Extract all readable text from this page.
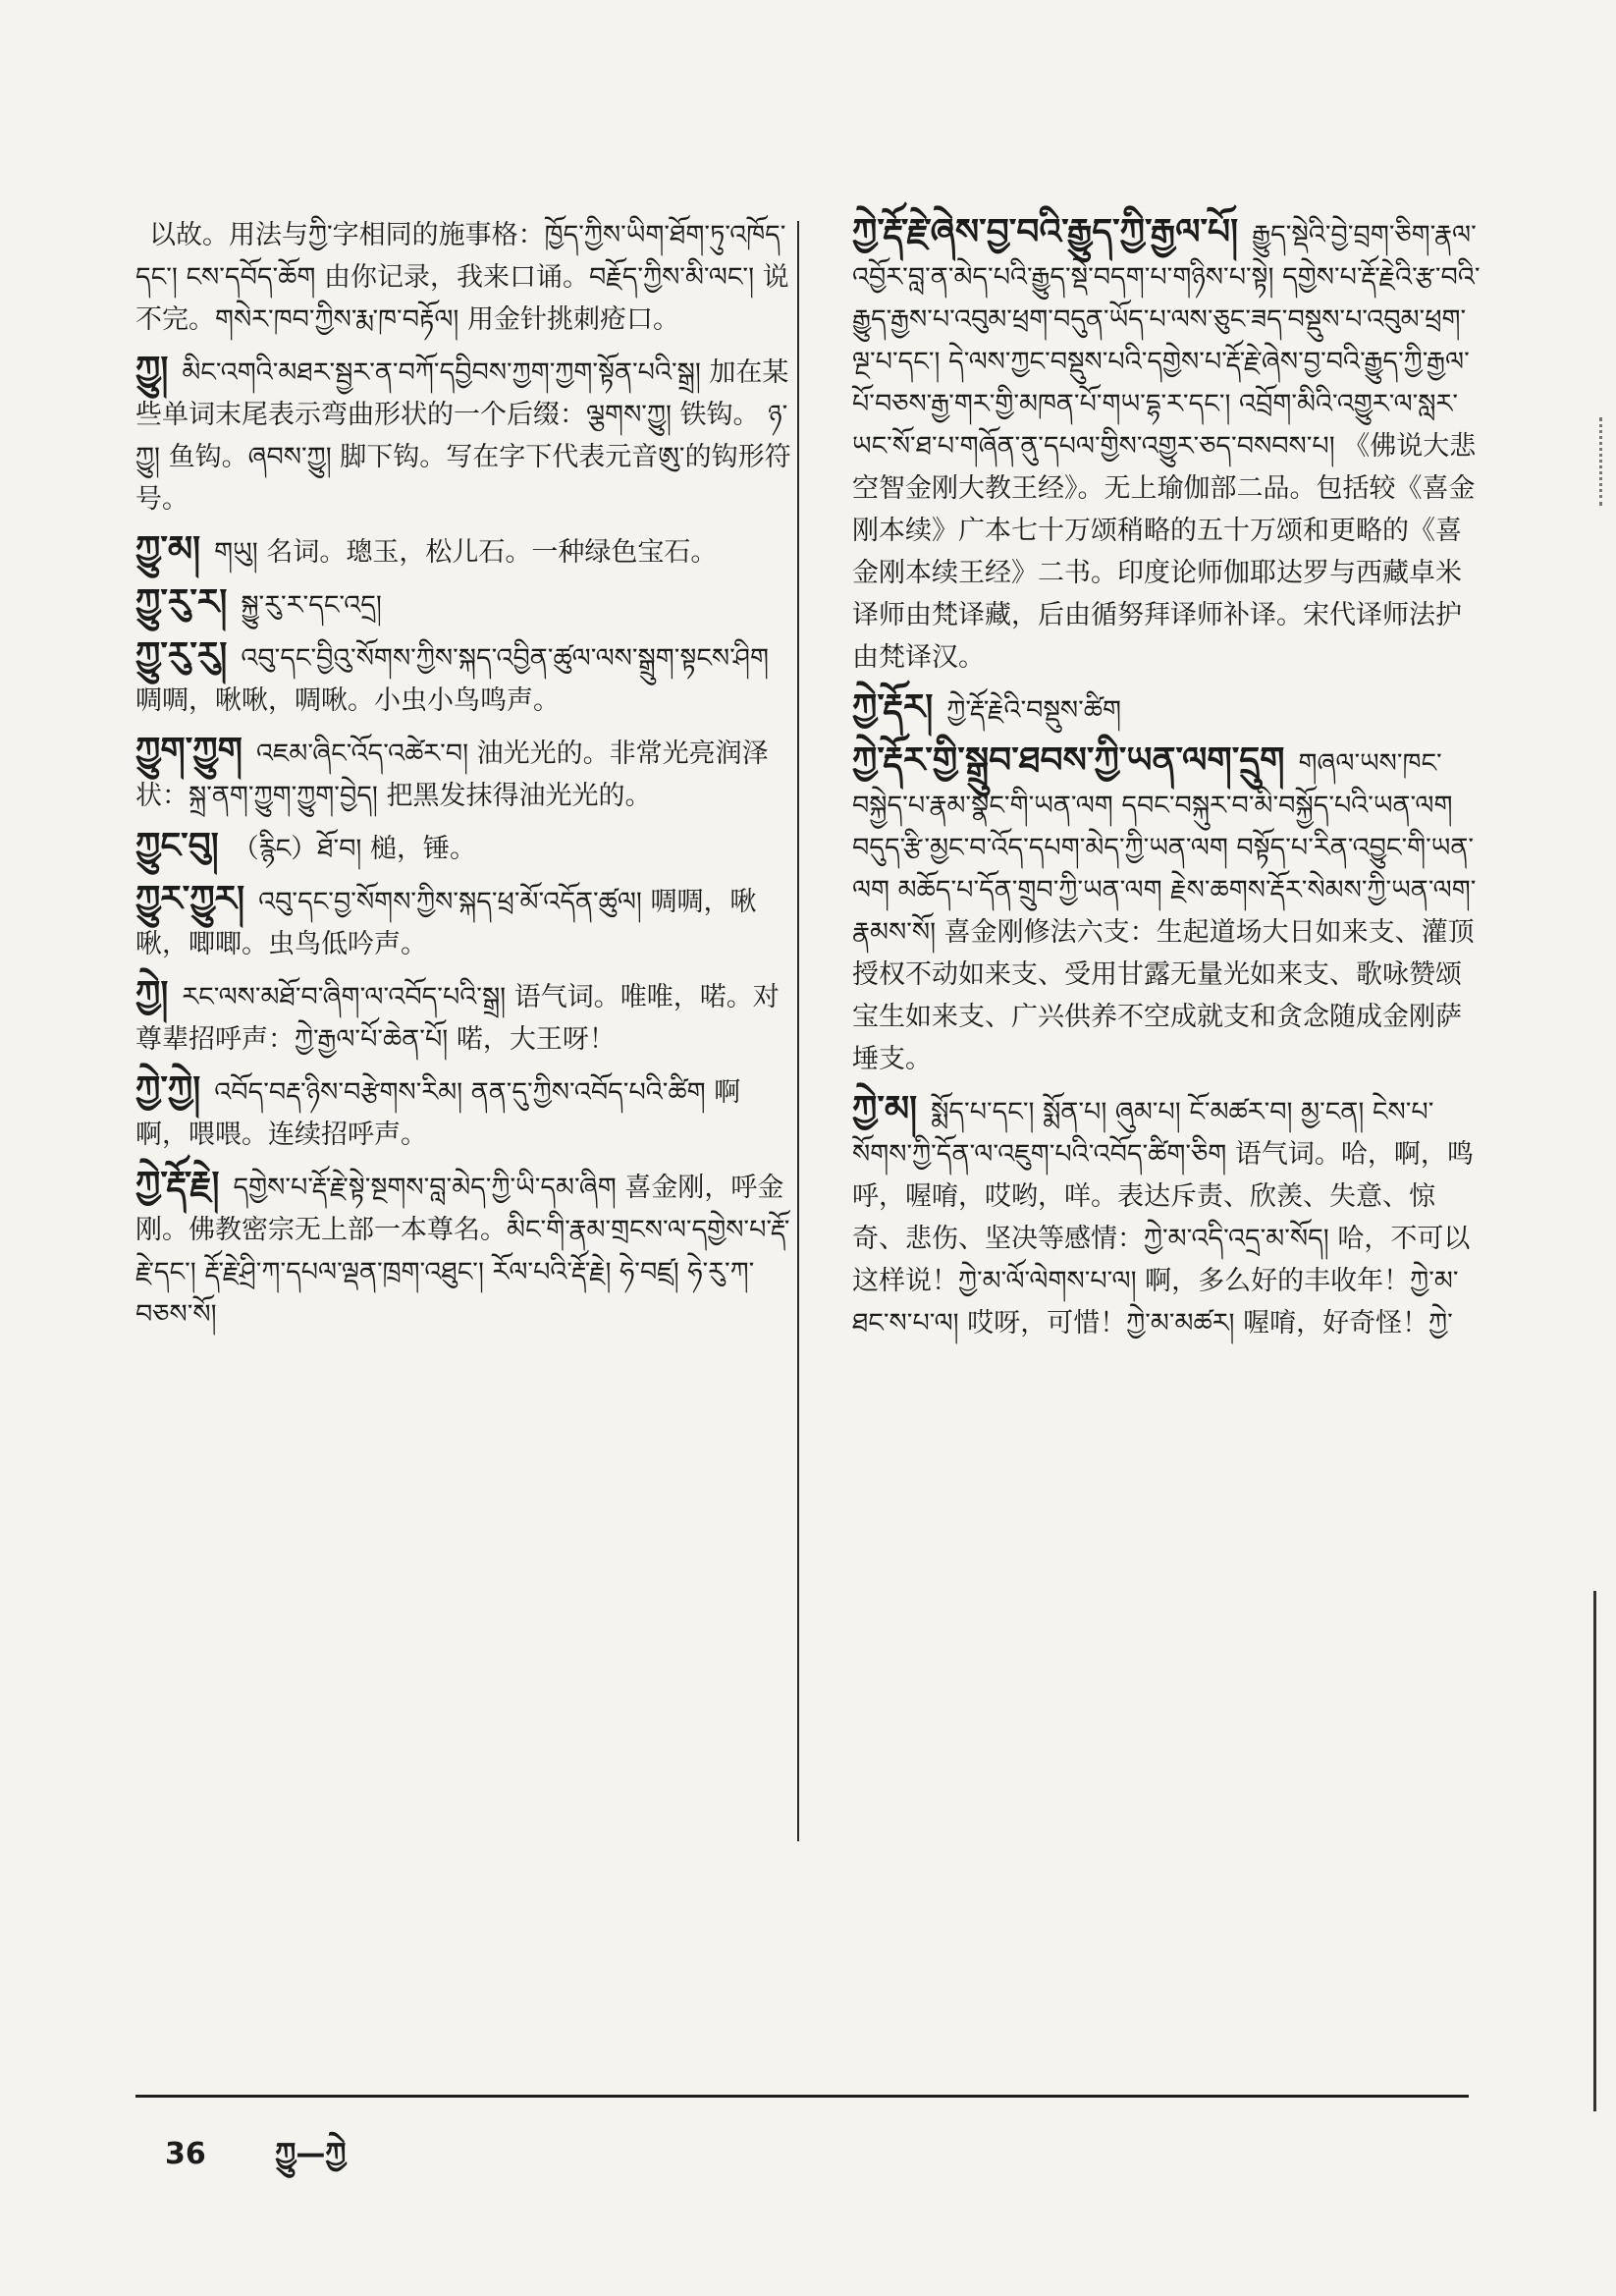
以故。用法与ཀྱི་字相同的施事格：ཁྱོད་ཀྱིས་ཡིག་ཐོག་ཏུ་འཁོད་དང་། ངས་དབོད་ཆོག 由你记录，我来口诵。བརྗོད་ཀྱིས་མི་ལང་། 说不完。གསེར་ཁབ་ཀྱིས་རྨ་ཁ་བརྟོལ། 用金针挑刺疮口。

ཀྱུ། མིང་འགའི་མཐར་སྦྱར་ན་བཀོ་དབྱིབས་ཀྱག་ཀྱག་སྟོན་པའི་སྒྲ། 加在某些单词末尾表示弯曲形状的一个后缀：ལྕགས་ཀྱུ། 铁钩。 ཉ་ཀྱུ། 鱼钩。ཞབས་ཀྱུ། 脚下钩。写在字下代表元音ཨུ་的钩形符号。

ཀྱུ་མ། གཡུ། 名词。璁玉，松儿石。一种绿色宝石。

ཀྱུ་རུ་ར། སྐྱུ་རུ་ར་དང་འདྲ།

ཀྱུ་རུ་རུ། འབུ་དང་བྱིའུ་སོགས་ཀྱིས་སྐད་འབྱིན་ཚུལ་ལས་སྒྲུག་སྟངས་ཤིག 啁啁，啾啾，啁啾。小虫小鸟鸣声。

ཀྱུག་ཀྱུག འཇམ་ཞིང་འོད་འཚེར་བ། 油光光的。非常光亮润泽状：སྐྲ་ནག་ཀྱུག་ཀྱུག་བྱེད། 把黑发抹得油光光的。

ཀྱུང་བུ། （རྙིང）ཐོ་བ། 槌，锤。

ཀྱུར་ཀྱུར། འབུ་དང་བྱ་སོགས་ཀྱིས་སྐད་ཕྲ་མོ་འདོན་ཚུལ། 啁啁，啾啾，唧唧。虫鸟低吟声。

ཀྱེ། རང་ལས་མཐོ་བ་ཞིག་ལ་འབོད་པའི་སྒྲ། 语气词。唯唯，喏。对尊辈招呼声：ཀྱེ་རྒྱལ་པོ་ཆེན་པོ། 喏，大王呀！

ཀྱེ་ཀྱེ། འབོད་བརྡ་ཉིས་བརྩེགས་རིམ། ནན་དུ་ཀྱིས་འབོད་པའི་ཚིག 啊啊，喂喂。连续招呼声。

ཀྱེ་རྡོ་རྗེ། དགྱེས་པ་རྡོ་རྗེ་སྟེ་སྔགས་བླ་མེད་ཀྱི་ཡི་དམ་ཞིག 喜金刚，呼金刚。佛教密宗无上部一本尊名。མིང་གི་རྣམ་གྲངས་ལ་དགྱེས་པ་རྡོ་རྗེ་དང་། རྡོ་རྗེ་ཤྲི་ཀ་དཔལ་ལྡན་ཁྲག་འཐུང་། རོལ་པའི་རྡོ་རྗེ། ཧེ་བཛྲ། ཧེ་རུ་ཀ་བཅས་སོ།

ཀྱེ་རྡོ་རྗེ་ཞེས་བྱ་བའི་རྒྱུད་ཀྱི་རྒྱལ་པོ། རྒྱུད་སྡེའི་བྱེ་བྲག་ཅིག་རྣལ་འབྱོར་བླ་ན་མེད་པའི་རྒྱུད་སྡེ་བདག་པ་གཉིས་པ་སྟེ། དགྱེས་པ་རྡོ་རྗེའི་རྩ་བའི་རྒྱུད་རྒྱས་པ་འབུམ་ཕྲག་བདུན་ཡོད་པ་ལས་ཅུང་ཟད་བསྡུས་པ་འབུམ་ཕྲག་ལྔ་པ་དང་། དེ་ལས་ཀྱང་བསྡུས་པའི་དགྱེས་པ་རྡོ་རྗེ་ཞེས་བྱ་བའི་རྒྱུད་ཀྱི་རྒྱལ་པོ་བཅས་རྒྱ་གར་གྱི་མཁན་པོ་གཡ་དྷ་ར་དང་། འབྲོག་མིའི་འགྱུར་ལ་སླར་ཡང་སོ་ཐ་པ་གཞོན་ནུ་དཔལ་གྱིས་འགྱུར་ཅད་བསབས་པ། 《佛说大悲空智金刚大教王经》。无上瑜伽部二品。包括较《喜金刚本续》广本七十万颂稍略的五十万颂和更略的《喜金刚本续王经》二书。印度论师伽耶达罗与西藏卓米译师由梵译藏，后由循努拜译师补译。宋代译师法护由梵译汉。

ཀྱེ་རྡོར། ཀྱེ་རྡོ་རྗེའི་བསྡུས་ཚིག

ཀྱེ་རྡོར་གྱི་སྒྲུབ་ཐབས་ཀྱི་ཡན་ལག་དྲུག གཞལ་ཡས་ཁང་བསྐྱེད་པ་རྣམ་སྣང་གི་ཡན་ལག དབང་བསྐུར་བ་མི་བསྐྱོད་པའི་ཡན་ལག བདུད་རྩི་མྱང་བ་འོད་དཔག་མེད་ཀྱི་ཡན་ལག བསྟོད་པ་རིན་འབྱུང་གི་ཡན་ལག མཆོད་པ་དོན་གྲུབ་ཀྱི་ཡན་ལག རྗེས་ཆགས་རྡོར་སེམས་ཀྱི་ཡན་ལག་རྣམས་སོ། 喜金刚修法六支：生起道场大日如来支、灌顶授权不动如来支、受用甘露无量光如来支、歌咏赞颂宝生如来支、广兴供养不空成就支和贪念随成金刚萨埵支。

ཀྱེ་མ། སྨོད་པ་དང་། སྨོན་པ། ཞུམ་པ། ངོ་མཚར་བ། མྱ་ངན། ངེས་པ་སོགས་ཀྱི་དོན་ལ་འཇུག་པའི་འབོད་ཚིག་ཅིག 语气词。哈，啊，鸣呼，喔唷，哎哟，咩。表达斥责、欣羡、失意、惊奇、悲伤、坚决等感情：ཀྱེ་མ་འདི་འདྲ་མ་སོད། 哈，不可以这样说！ཀྱེ་མ་ལོ་ལེགས་པ་ལ། 啊，多么好的丰收年！ཀྱེ་མ་ཐང་ས་པ་ལ། 哎呀，可惜！ཀྱེ་མ་མཚར། 喔唷，好奇怪！ཀྱེ་

36 ཀྱུ—ཀྱེ
